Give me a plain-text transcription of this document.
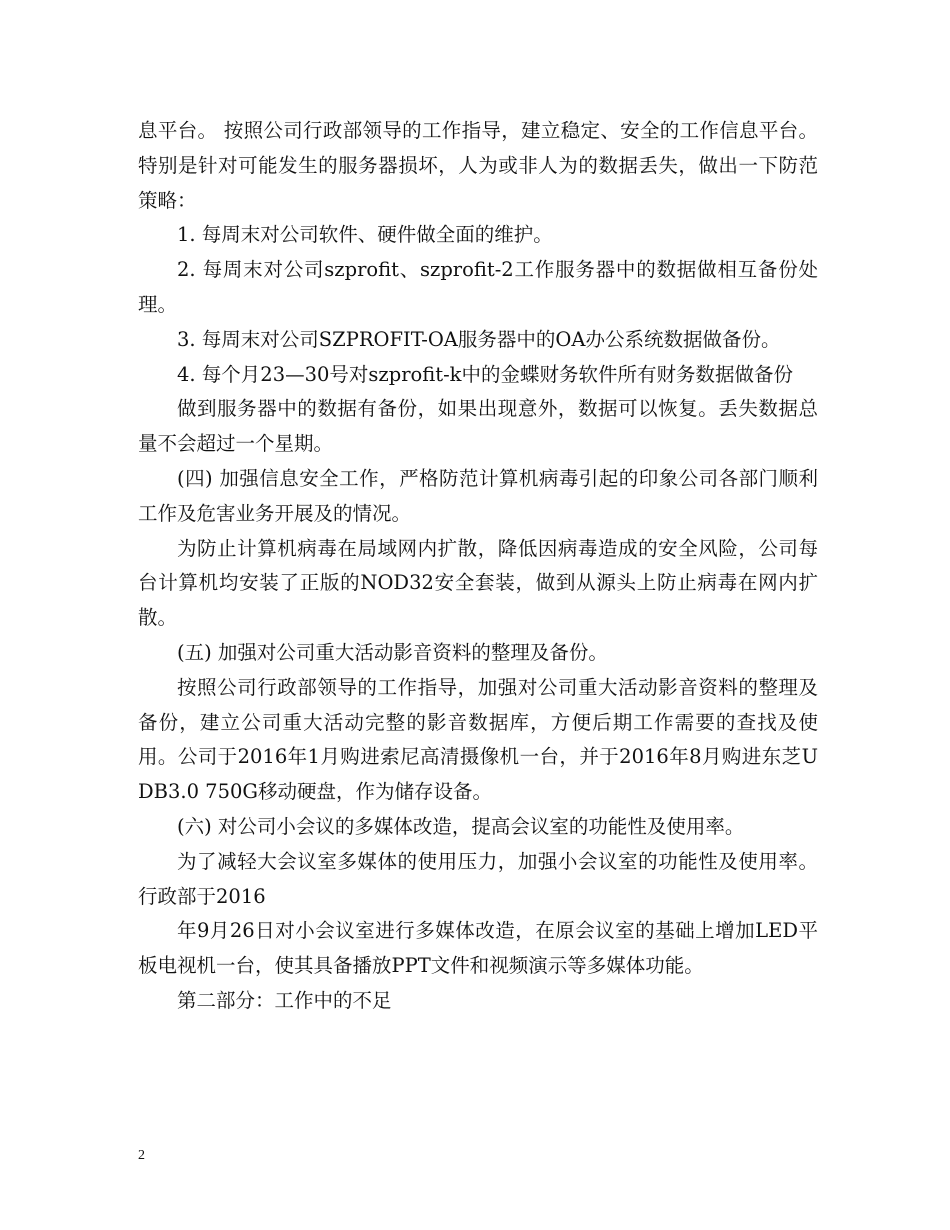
息平台。 按照公司行政部领导的工作指导，建立稳定、安全的工作信息平台。特别是针对可能发生的服务器损坏，人为或非人为的数据丢失，做出一下防范策略：

1. 每周末对公司软件、硬件做全面的维护。

2. 每周末对公司szprofit、szprofit-2工作服务器中的数据做相互备份处理。

3. 每周末对公司SZPROFIT-OA服务器中的OA办公系统数据做备份。

4. 每个月23—30号对szprofit-k中的金蝶财务软件所有财务数据做备份

做到服务器中的数据有备份，如果出现意外，数据可以恢复。丢失数据总量不会超过一个星期。

(四) 加强信息安全工作，严格防范计算机病毒引起的印象公司各部门顺利工作及危害业务开展及的情况。

为防止计算机病毒在局域网内扩散，降低因病毒造成的安全风险，公司每台计算机均安装了正版的NOD32安全套装，做到从源头上防止病毒在网内扩散。

(五) 加强对公司重大活动影音资料的整理及备份。

按照公司行政部领导的工作指导，加强对公司重大活动影音资料的整理及备份，建立公司重大活动完整的影音数据库，方便后期工作需要的查找及使用。公司于2016年1月购进索尼高清摄像机一台，并于2016年8月购进东芝UDB3.0 750G移动硬盘，作为储存设备。

(六) 对公司小会议的多媒体改造，提高会议室的功能性及使用率。

为了减轻大会议室多媒体的使用压力，加强小会议室的功能性及使用率。行政部于2016

年9月26日对小会议室进行多媒体改造，在原会议室的基础上增加LED平板电视机一台，使其具备播放PPT文件和视频演示等多媒体功能。

第二部分：工作中的不足

2
